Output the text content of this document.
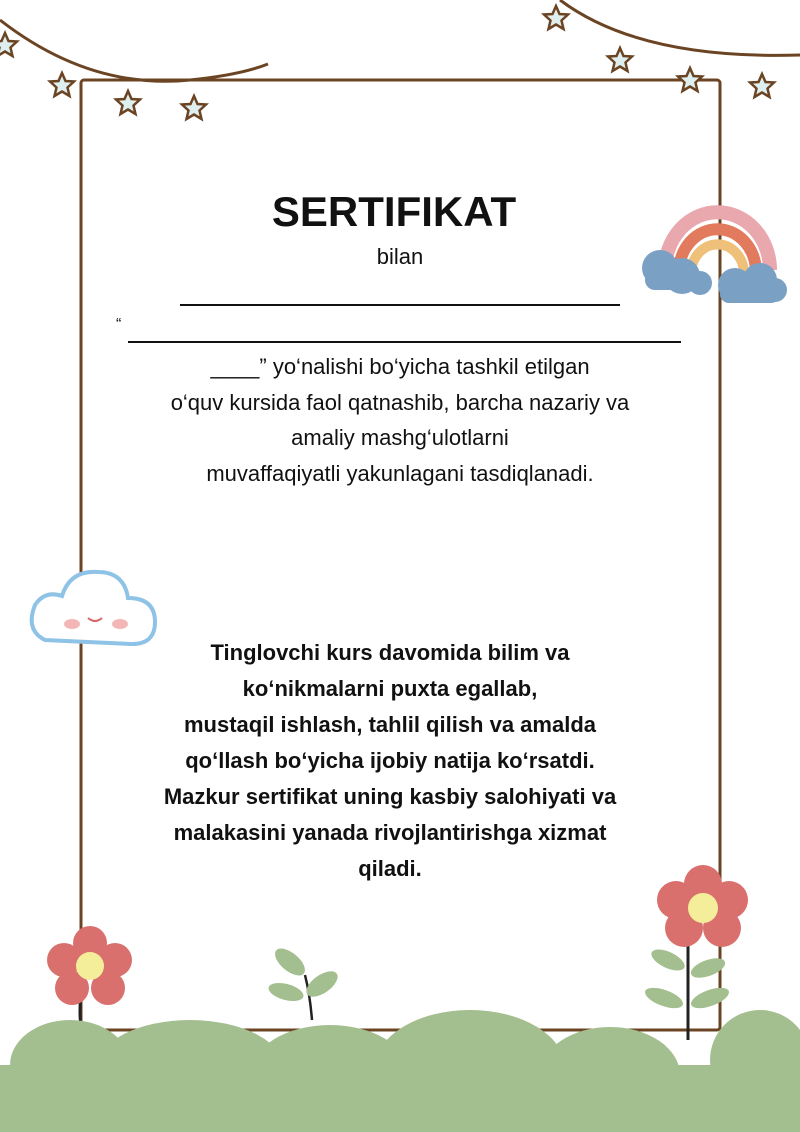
SERTIFIKAT
bilan
“
____” yo‘nalishi bo‘yicha tashkil etilgan
o‘quv kursida faol qatnashib, barcha nazariy va
amaliy mashg‘ulotlarni
muvaffaqiyatli yakunlagani tasdiqlanadi.
Tinglovchi kurs davomida bilim va
ko‘nikmalarni puxta egallab,
mustaqil ishlash, tahlil qilish va amalda
qo‘llash bo‘yicha ijobiy natija ko‘rsatdi.
Mazkur sertifikat uning kasbiy salohiyati va
malakasini yanada rivojlantirishga xizmat
qiladi.
